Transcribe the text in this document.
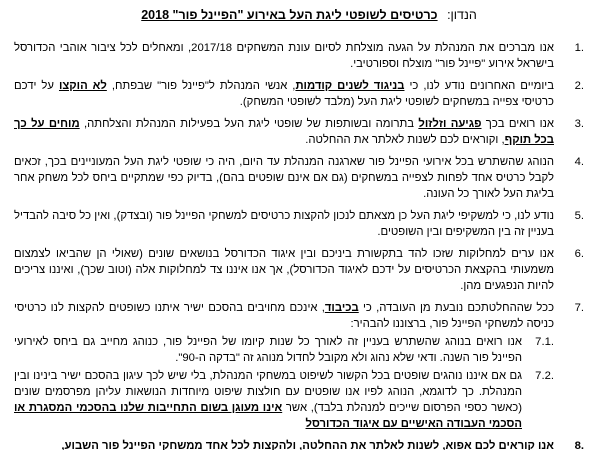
הנדון: כרטיסים לשופטי ליגת העל באירוע "הפיינל פור" 2018
1.
אנו מברכים את המנהלת על הגעה מוצלחת לסיום עונת המשחקים 2017/18, ומאחלים לכל ציבור אוהבי הכדורסל בישראל אירוע "פיינל פור" מוצלח וספורטיבי.
2.
ביומיים האחרונים נודע לנו, כי בניגוד לשנים קודמות, אנשי המנהלת ל"פיינל פור" שבפתח, לא הוקצו על ידכם כרטיסי צפייה במשחקים לשופטי ליגת העל (מלבד לשופטי המשחק).
3.
אנו רואים בכך פגיעה וזלזול בתרומה ובשותפות של שופטי ליגת העל בפעילות המנהלת והצלחתה, מוחים על כך בכל תוקף, וקוראים לכם לשנות לאלתר את ההחלטה.
4.
הנוהג שהשתרש בכל אירועי הפיינל פור שארגנה המנהלת עד היום, היה כי שופטי ליגת העל המעוניינים בכך, זכאים לקבל כרטיס אחד לפחות לצפייה במשחקים (גם אם אינם שופטים בהם), בדיוק כפי שמתקיים ביחס לכל משחק אחר בליגת העל לאורך כל העונה.
5.
נודע לנו, כי למשקיפי ליגת העל כן מצאתם לנכון להקצות כרטיסים למשחקי הפיינל פור (ובצדק), ואין כל סיבה להבדיל בעניין זה בין המשקיפים ובין השופטים.
6.
אנו ערים למחלוקות שזכו להד בתקשורת ביניכם ובין איגוד הכדורסל בנושאים שונים (שאולי הן שהביאו לצמצום משמעותי בהקצאת הכרטיסים על ידכם לאיגוד הכדורסל), אך אנו איננו צד למחלוקות אלה (וטוב שכך), ואיננו צריכים להיות הנפגעים מהן.
7.
ככל שההחלטתכם נובעת מן העובדה, כי בכיבוד, אינכם מחויבים בהסכם ישיר איתנו כשופטים להקצות לנו כרטיסי כניסה למשחקי הפיינל פור, ברצוננו להבהיר:
7.1.
אנו רואים בנוהג שהשתרש בעניין זה לאורך כל שנות קיומו של הפיינל פור, כנוהג מחייב גם ביחס לאירועי הפיינל פור השנה. ודאי שלא נהוג ולא מקובל לחדול מנוהג זה "בדקה ה-90".
7.2.
גם אם איננו נוהגים שופטים בכל הקשור לשיפוט במשחקי המנהלת, בלי שיש לכך עיגון בהסכם ישיר בינינו ובין המנהלת. כך לדוגמא, הנוהג לפיו אנו שופטים עם חולצות שיפוט מיוחדות הנושאות עליהן מפרסמים שונים (כאשר כספי הפרסום שייכים למנהלת בלבד), אשר אינו מעוגן בשום התחייבות שלנו בהסכמי המסגרת או הסכמי העבודה האישיים עם איגוד הכדורסל
8.
אנו קוראים לכם אפוא, לשנות לאלתר את ההחלטה, ולהקצות לכל אחד ממשחקי הפיינל פור השבוע,
